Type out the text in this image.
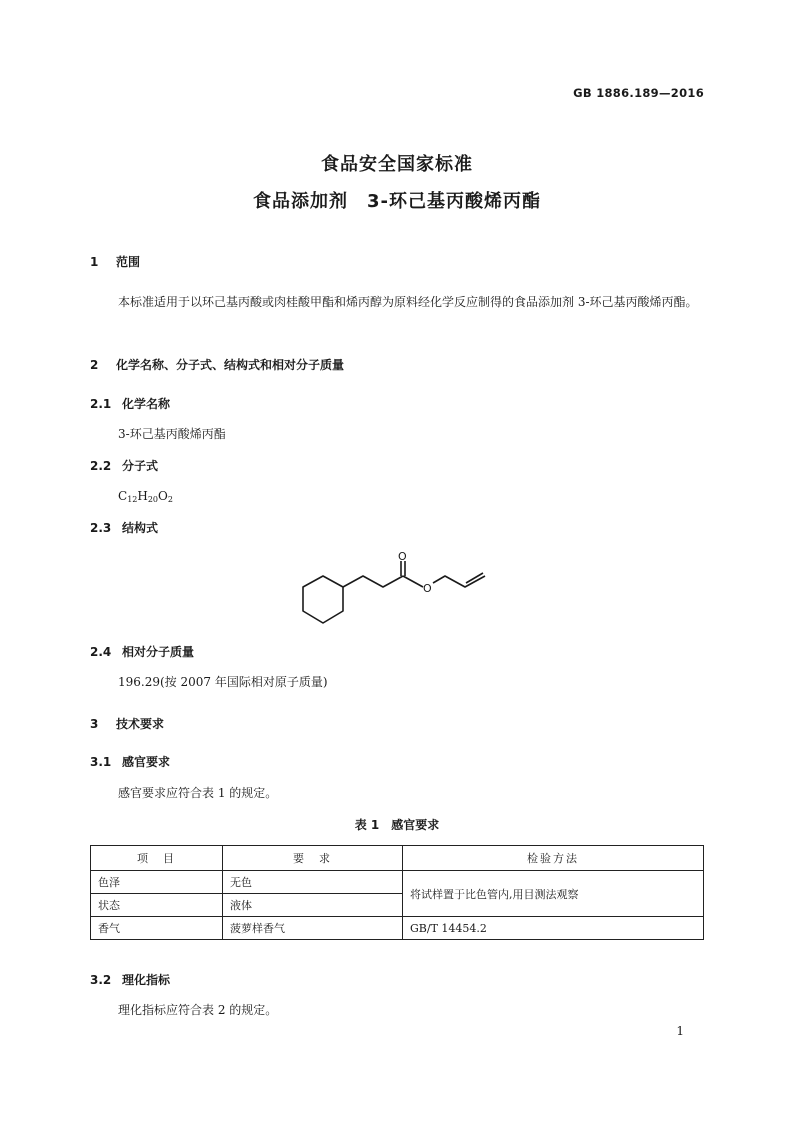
GB 1886.189—2016
食品安全国家标准
食品添加剂　3-环己基丙酸烯丙酯
1 范围
本标准适用于以环己基丙酸或肉桂酸甲酯和烯丙醇为原料经化学反应制得的食品添加剂 3-环己基丙酸烯丙酯。
2 化学名称、分子式、结构式和相对分子质量
2.1 化学名称
3-环己基丙酸烯丙酯
2.2 分子式
$C_{12}H_{20}O_2$
2.3 结构式
O
O
2.4 相对分子质量
196.29(按 2007 年国际相对原子质量)
3 技术要求
3.1 感官要求
感官要求应符合表 1 的规定。
表 1　感官要求
项　目	要　求	检验方法
色泽	无色	将试样置于比色管内,用目测法观察
状态	液体	
香气	菠萝样香气	GB/T 14454.2
3.2 理化指标
理化指标应符合表 2 的规定。
1
